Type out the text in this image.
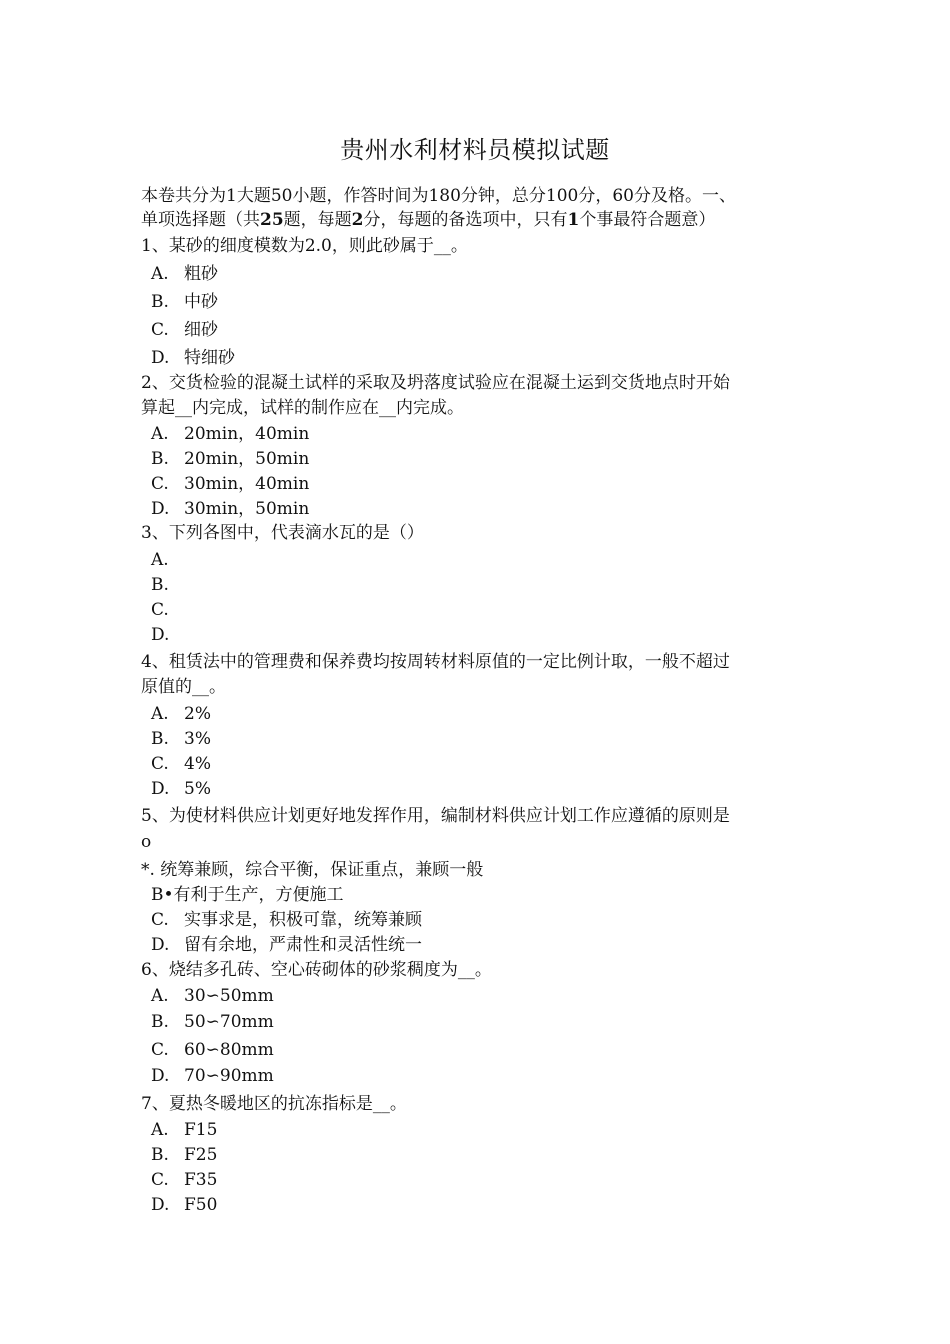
贵州水利材料员模拟试题
本卷共分为1大题50小题，作答时间为180分钟，总分100分，60分及格。一、
单项选择题（共25题，每题2分，每题的备选项中，只有1个事最符合题意）
1、某砂的细度模数为2.0，则此砂属于__。
A. 粗砂
B. 中砂
C. 细砂
D. 特细砂
2、交货检验的混凝土试样的采取及坍落度试验应在混凝土运到交货地点时开始
算起__内完成，试样的制作应在__内完成。
A. 20min，40min
B. 20min，50min
C. 30min，40min
D. 30min，50min
3、下列各图中，代表滴水瓦的是（）
A.
B.
C.
D.
4、租赁法中的管理费和保养费均按周转材料原值的一定比例计取，一般不超过
原值的__。
A. 2%
B. 3%
C. 4%
D. 5%
5、为使材料供应计划更好地发挥作用，编制材料供应计划工作应遵循的原则是
o
*. 统筹兼顾，综合平衡，保证重点，兼顾一般
B•有利于生产，方便施工
C. 实事求是，积极可靠，统筹兼顾
D. 留有余地，严肃性和灵活性统一
6、烧结多孔砖、空心砖砌体的砂浆稠度为__。
A. 30∽50mm
B. 50∽70mm
C. 60∽80mm
D. 70∽90mm
7、夏热冬暖地区的抗冻指标是__。
A. F15
B. F25
C. F35
D. F50
